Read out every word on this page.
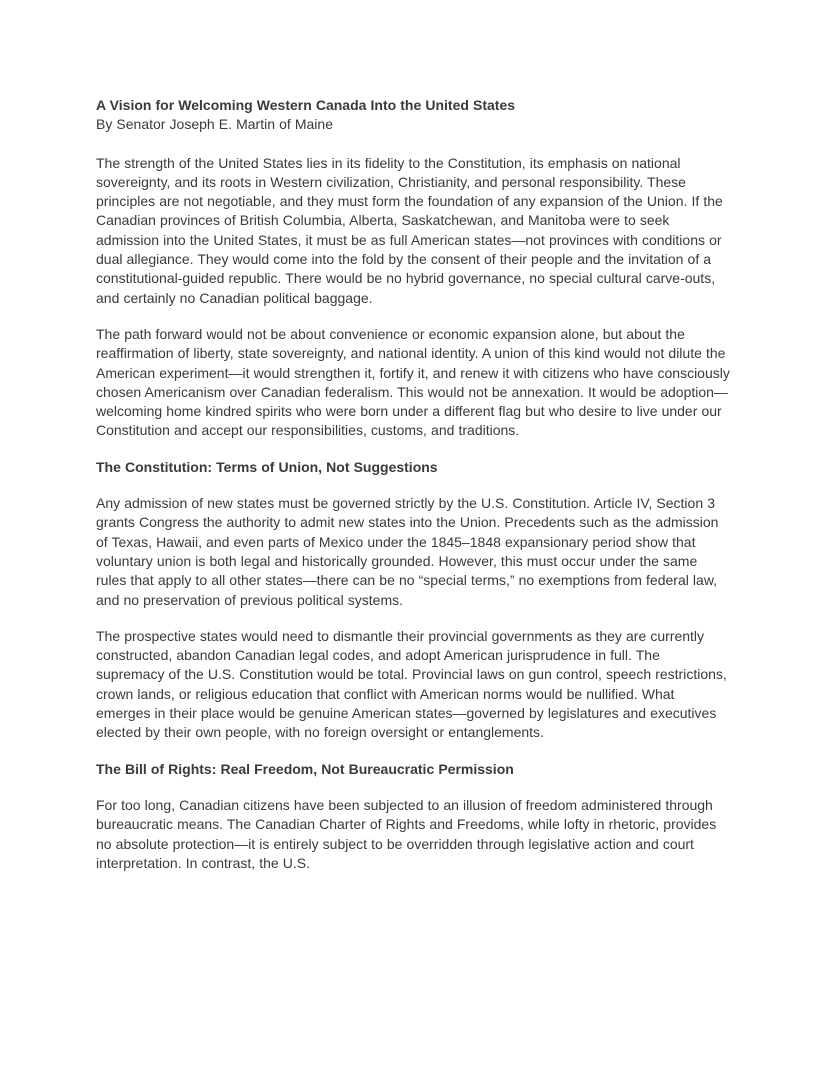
A Vision for Welcoming Western Canada Into the United States

By Senator Joseph E. Martin of Maine

The strength of the United States lies in its fidelity to the Constitution, its emphasis on national sovereignty, and its roots in Western civilization, Christianity, and personal responsibility. These principles are not negotiable, and they must form the foundation of any expansion of the Union. If the Canadian provinces of British Columbia, Alberta, Saskatchewan, and Manitoba were to seek admission into the United States, it must be as full American states—not provinces with conditions or dual allegiance. They would come into the fold by the consent of their people and the invitation of a constitutional-guided republic. There would be no hybrid governance, no special cultural carve-outs, and certainly no Canadian political baggage.

The path forward would not be about convenience or economic expansion alone, but about the reaffirmation of liberty, state sovereignty, and national identity. A union of this kind would not dilute the American experiment—it would strengthen it, fortify it, and renew it with citizens who have consciously chosen Americanism over Canadian federalism. This would not be annexation. It would be adoption—welcoming home kindred spirits who were born under a different flag but who desire to live under our Constitution and accept our responsibilities, customs, and traditions.

The Constitution: Terms of Union, Not Suggestions

Any admission of new states must be governed strictly by the U.S. Constitution. Article IV, Section 3 grants Congress the authority to admit new states into the Union. Precedents such as the admission of Texas, Hawaii, and even parts of Mexico under the 1845–1848 expansionary period show that voluntary union is both legal and historically grounded. However, this must occur under the same rules that apply to all other states—there can be no “special terms,” no exemptions from federal law, and no preservation of previous political systems.

The prospective states would need to dismantle their provincial governments as they are currently constructed, abandon Canadian legal codes, and adopt American jurisprudence in full. The supremacy of the U.S. Constitution would be total. Provincial laws on gun control, speech restrictions, crown lands, or religious education that conflict with American norms would be nullified. What emerges in their place would be genuine American states—governed by legislatures and executives elected by their own people, with no foreign oversight or entanglements.

The Bill of Rights: Real Freedom, Not Bureaucratic Permission

For too long, Canadian citizens have been subjected to an illusion of freedom administered through bureaucratic means. The Canadian Charter of Rights and Freedoms, while lofty in rhetoric, provides no absolute protection—it is entirely subject to be overridden through legislative action and court interpretation. In contrast, the U.S.
